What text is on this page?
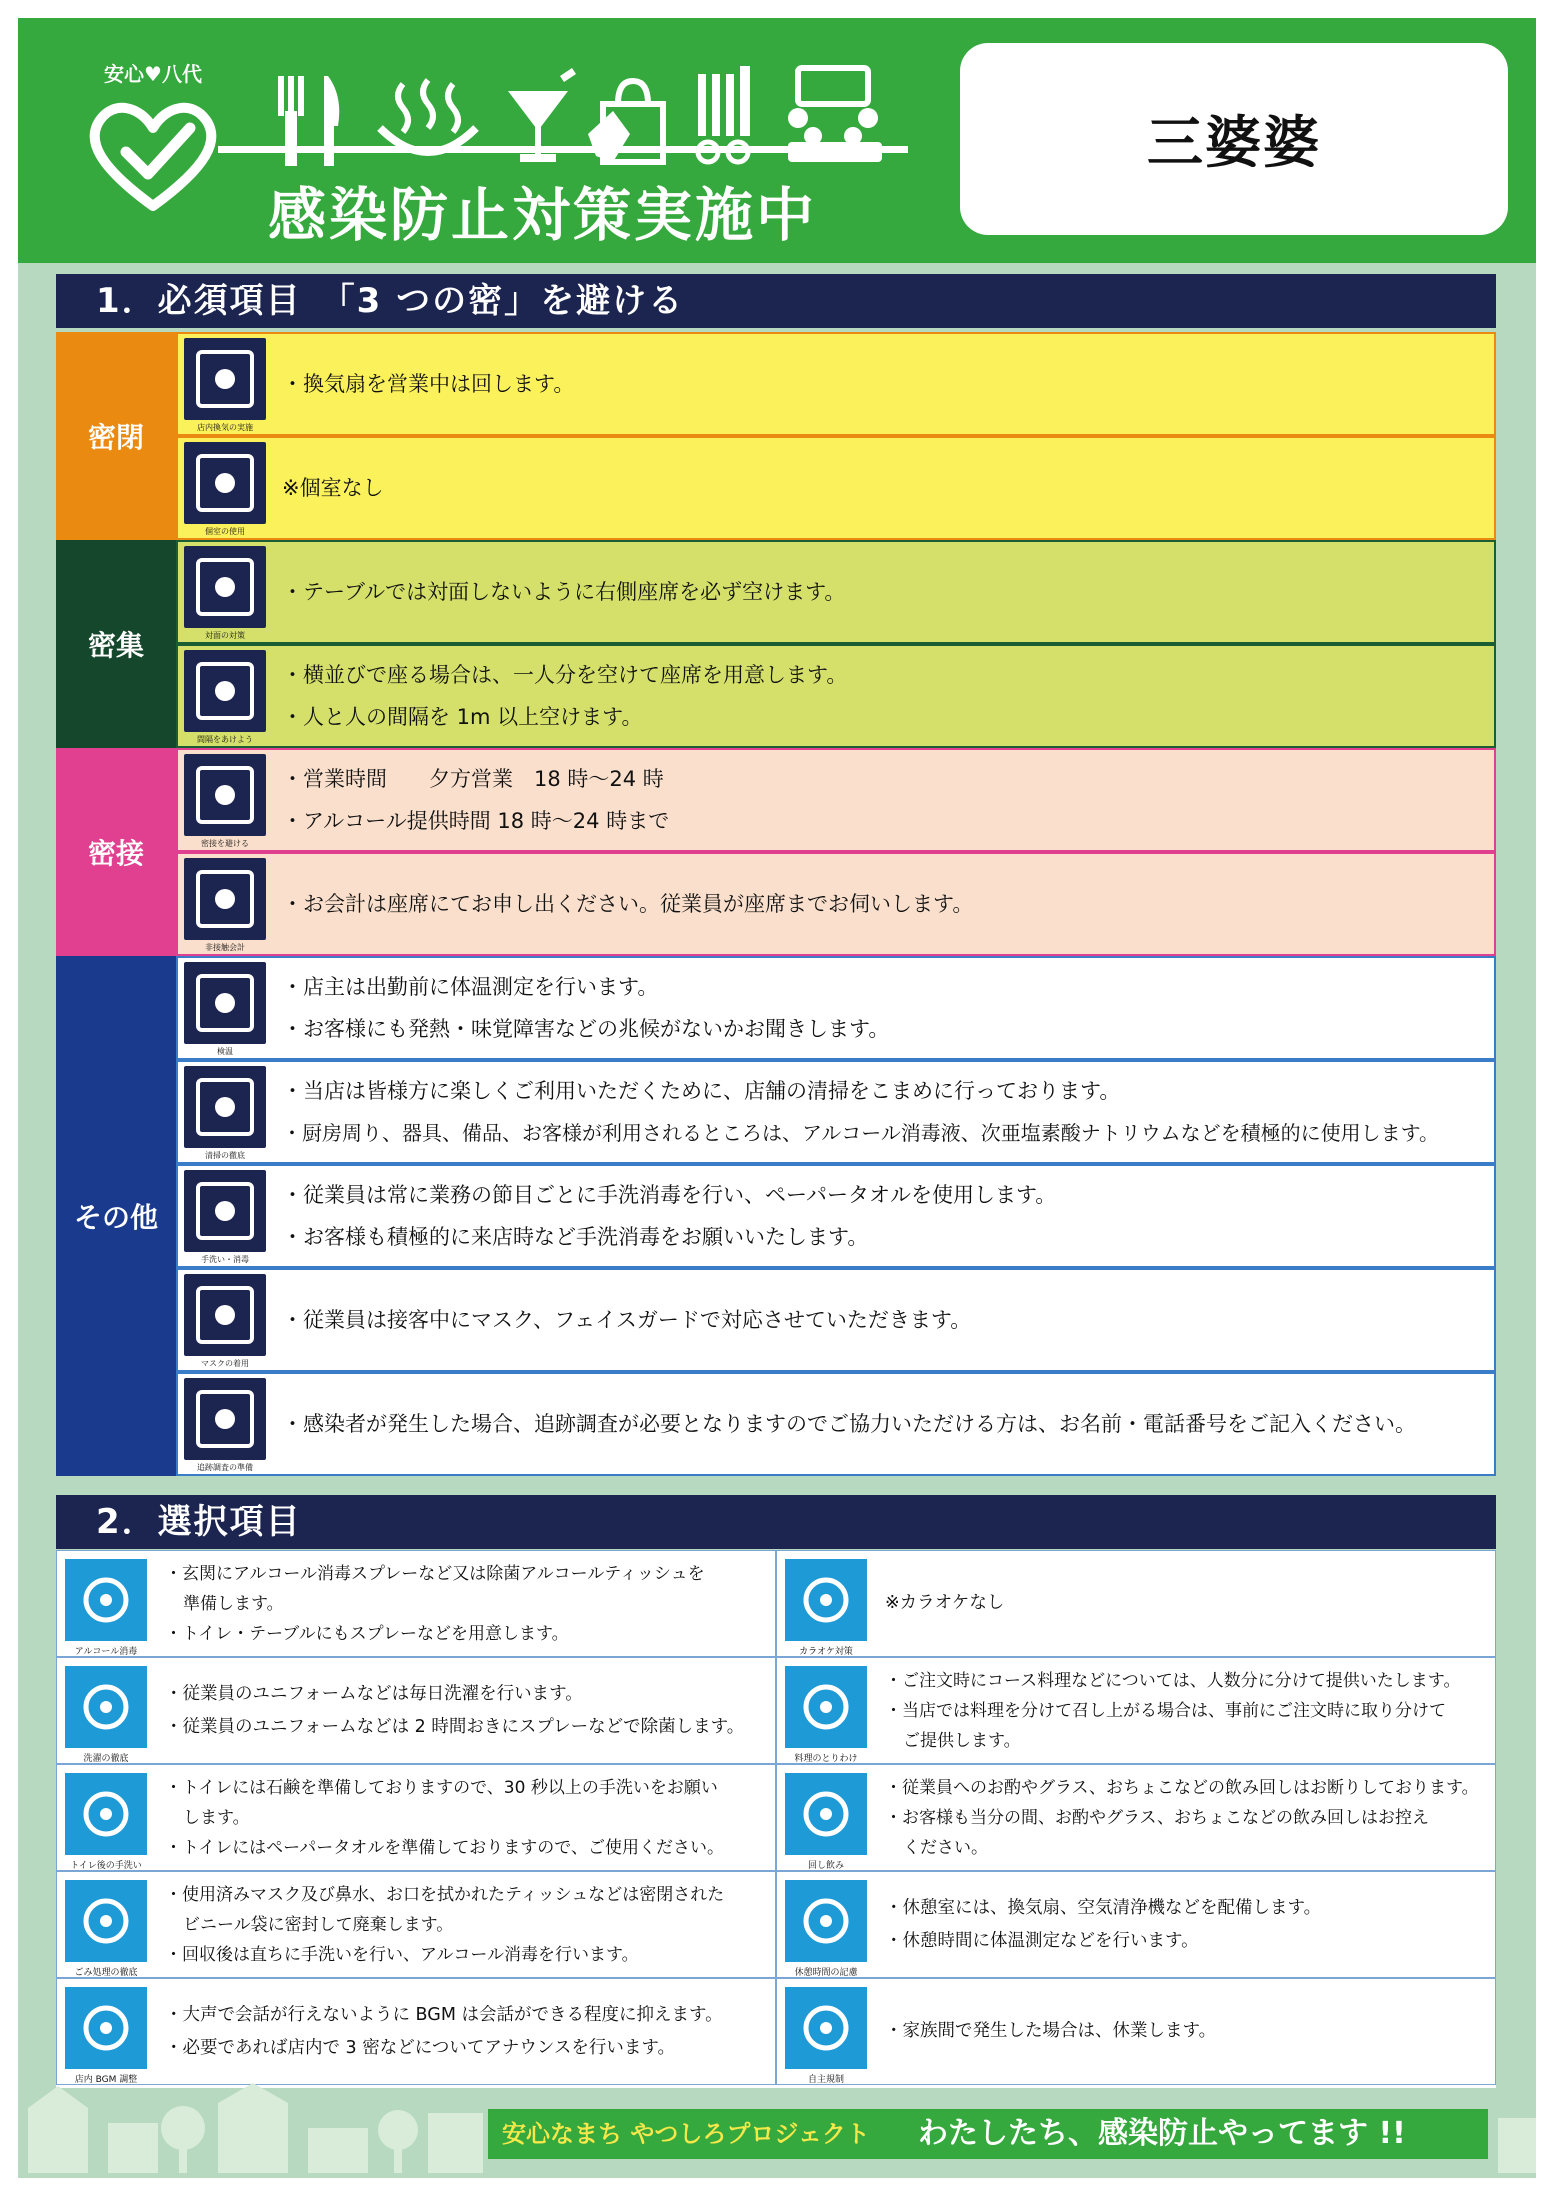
安心♥八代
感染防止対策実施中
三婆婆
1．必須項目　「3 つの密」を避ける
密閉
密集
密接
その他
店内換気の実施
・換気扇を営業中は回します。
個室の使用
※個室なし
対面の対策
・テーブルでは対面しないように右側座席を必ず空けます。
間隔をあけよう
・横並びで座る場合は、一人分を空けて座席を用意します。
・人と人の間隔を 1m 以上空けます。
密接を避ける
・営業時間　　夕方営業　18 時～24 時
・アルコール提供時間 18 時～24 時まで
非接触会計
・お会計は座席にてお申し出ください。従業員が座席までお伺いします。
検温
・店主は出勤前に体温測定を行います。
・お客様にも発熱・味覚障害などの兆候がないかお聞きします。
清掃の徹底
・当店は皆様方に楽しくご利用いただくために、店舗の清掃をこまめに行っております。
・厨房周り、器具、備品、お客様が利用されるところは、アルコール消毒液、次亜塩素酸ナトリウムなどを積極的に使用します。
手洗い・消毒
・従業員は常に業務の節目ごとに手洗消毒を行い、ペーパータオルを使用します。
・お客様も積極的に来店時など手洗消毒をお願いいたします。
マスクの着用
・従業員は接客中にマスク、フェイスガードで対応させていただきます。
追跡調査の準備
・感染者が発生した場合、追跡調査が必要となりますのでご協力いただける方は、お名前・電話番号をご記入ください。
2．選択項目
アルコール消毒
・玄関にアルコール消毒スプレーなど又は除菌アルコールティッシュを
準備します。
・トイレ・テーブルにもスプレーなどを用意します。
洗濯の徹底
・従業員のユニフォームなどは毎日洗濯を行います。
・従業員のユニフォームなどは 2 時間おきにスプレーなどで除菌します。
トイレ後の手洗い
・トイレには石鹸を準備しておりますので、30 秒以上の手洗いをお願い
します。
・トイレにはペーパータオルを準備しておりますので、ご使用ください。
ごみ処理の徹底
・使用済みマスク及び鼻水、お口を拭かれたティッシュなどは密閉された
ビニール袋に密封して廃棄します。
・回収後は直ちに手洗いを行い、アルコール消毒を行います。
店内 BGM 調整
・大声で会話が行えないように BGM は会話ができる程度に抑えます。
・必要であれば店内で 3 密などについてアナウンスを行います。
カラオケ対策
※カラオケなし
料理のとりわけ
・ご注文時にコース料理などについては、人数分に分けて提供いたします。
・当店では料理を分けて召し上がる場合は、事前にご注文時に取り分けて
ご提供します。
回し飲み
・従業員へのお酌やグラス、おちょこなどの飲み回しはお断りしております。
・お客様も当分の間、お酌やグラス、おちょこなどの飲み回しはお控え
ください。
休憩時間の記慮
・休憩室には、換気扇、空気清浄機などを配備します。
・休憩時間に体温測定などを行います。
自主規制
・家族間で発生した場合は、休業します。
安心なまち やつしろプロジェクト わたしたち、感染防止やってます !!
